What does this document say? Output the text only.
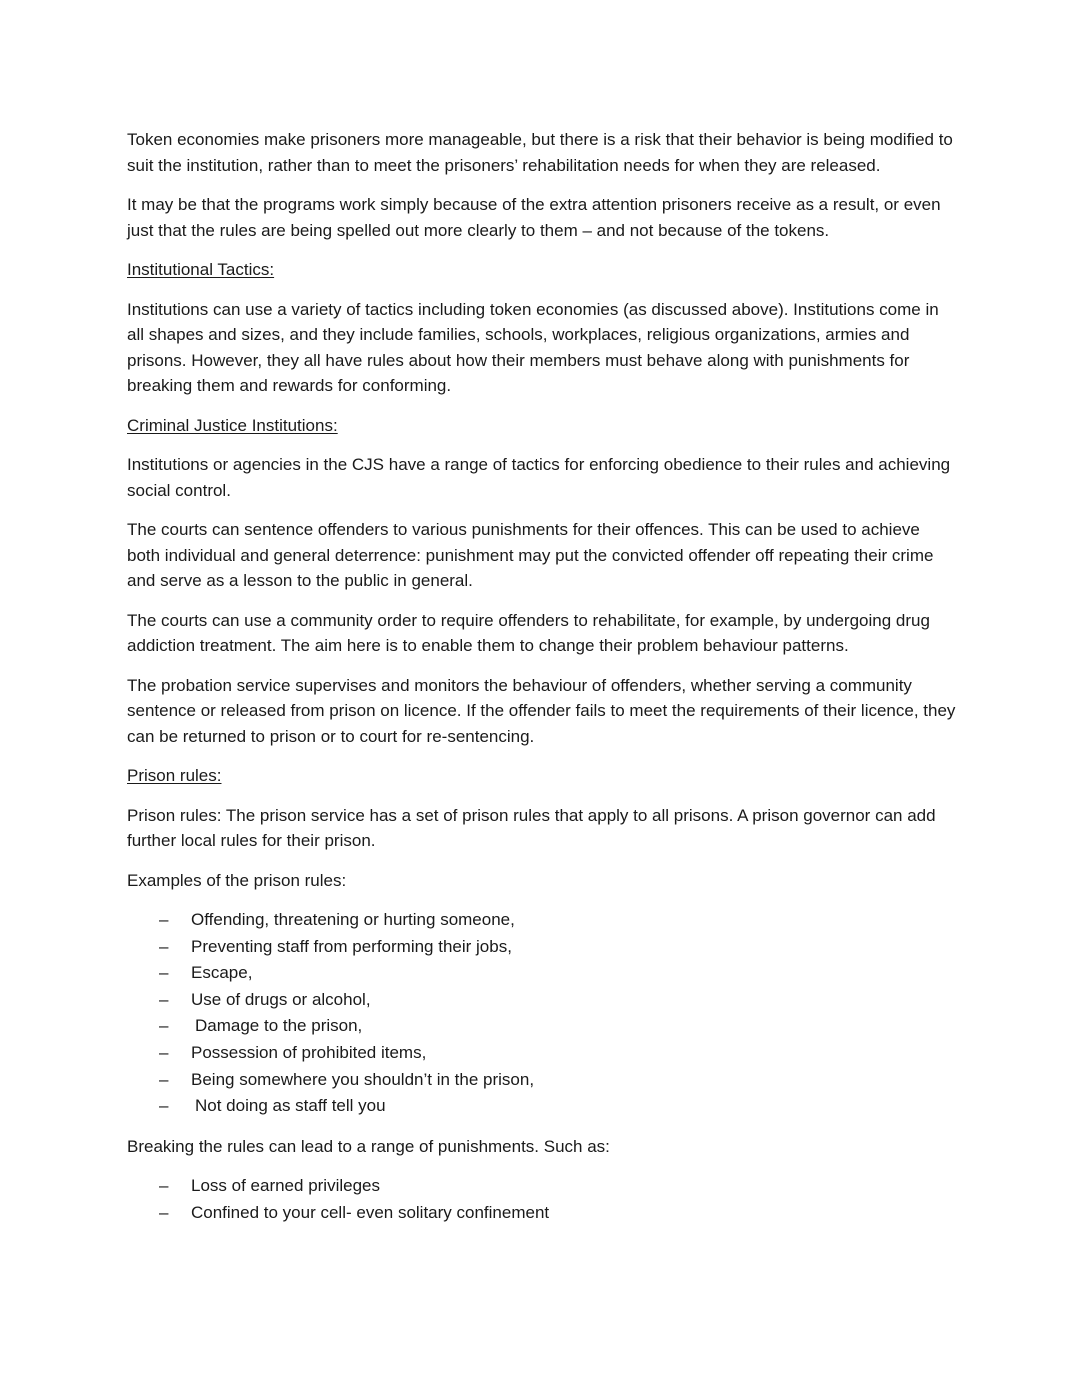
Token economies make prisoners more manageable, but there is a risk that their behavior is being modified to suit the institution, rather than to meet the prisoners’ rehabilitation needs for when they are released.

It may be that the programs work simply because of the extra attention prisoners receive as a result, or even just that the rules are being spelled out more clearly to them – and not because of the tokens.

Institutional Tactics:

Institutions can use a variety of tactics including token economies (as discussed above). Institutions come in all shapes and sizes, and they include families, schools, workplaces, religious organizations, armies and prisons. However, they all have rules about how their members must behave along with punishments for breaking them and rewards for conforming.

Criminal Justice Institutions:

Institutions or agencies in the CJS have a range of tactics for enforcing obedience to their rules and achieving social control.

The courts can sentence offenders to various punishments for their offences. This can be used to achieve both individual and general deterrence: punishment may put the convicted offender off repeating their crime and serve as a lesson to the public in general.

The courts can use a community order to require offenders to rehabilitate, for example, by undergoing drug addiction treatment. The aim here is to enable them to change their problem behaviour patterns.

The probation service supervises and monitors the behaviour of offenders, whether serving a community sentence or released from prison on licence. If the offender fails to meet the requirements of their licence, they can be returned to prison or to court for re-sentencing.

Prison rules:

Prison rules: The prison service has a set of prison rules that apply to all prisons. A prison governor can add further local rules for their prison.

Examples of the prison rules:

– Offending, threatening or hurting someone,
– Preventing staff from performing their jobs,
– Escape,
– Use of drugs or alcohol,
– Damage to the prison,
– Possession of prohibited items,
– Being somewhere you shouldn’t in the prison,
– Not doing as staff tell you

Breaking the rules can lead to a range of punishments. Such as:

– Loss of earned privileges
– Confined to your cell- even solitary confinement
